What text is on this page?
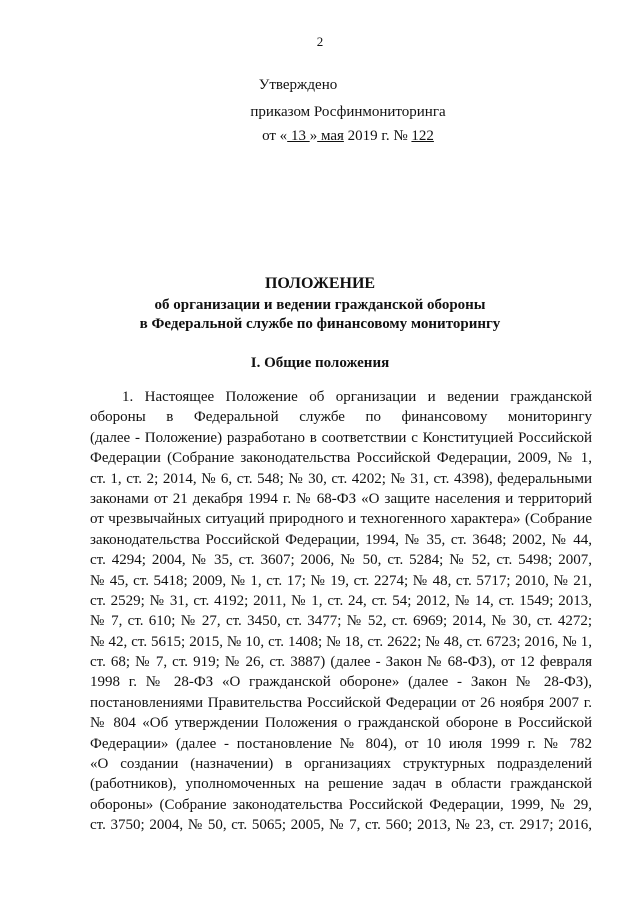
2
Утверждено
приказом Росфинмониторинга
от « 13 » мая 2019 г. № 122
ПОЛОЖЕНИЕ
об организации и ведении гражданской обороны
в Федеральной службе по финансовому мониторингу
I. Общие положения
1. Настоящее Положение об организации и ведении гражданской
обороны в Федеральной службе по финансовому мониторингу
(далее - Положение) разработано в соответствии с Конституцией Российской
Федерации (Собрание законодательства Российской Федерации, 2009, № 1,
ст. 1, ст. 2; 2014, № 6, ст. 548; № 30, ст. 4202; № 31, ст. 4398), федеральными
законами от 21 декабря 1994 г. № 68-ФЗ «О защите населения и территорий
от чрезвычайных ситуаций природного и техногенного характера» (Собрание
законодательства Российской Федерации, 1994, № 35, ст. 3648; 2002, № 44,
ст. 4294; 2004, № 35, ст. 3607; 2006, № 50, ст. 5284; № 52, ст. 5498; 2007,
№ 45, ст. 5418; 2009, № 1, ст. 17; № 19, ст. 2274; № 48, ст. 5717; 2010, № 21,
ст. 2529; № 31, ст. 4192; 2011, № 1, ст. 24, ст. 54; 2012, № 14, ст. 1549; 2013,
№ 7, ст. 610; № 27, ст. 3450, ст. 3477; № 52, ст. 6969; 2014, № 30, ст. 4272;
№ 42, ст. 5615; 2015, № 10, ст. 1408; № 18, ст. 2622; № 48, ст. 6723; 2016, № 1,
ст. 68; № 7, ст. 919; № 26, ст. 3887) (далее - Закон № 68-ФЗ), от 12 февраля
1998 г. № 28-ФЗ «О гражданской обороне» (далее - Закон № 28-ФЗ),
постановлениями Правительства Российской Федерации от 26 ноября 2007 г.
№ 804 «Об утверждении Положения о гражданской обороне в Российской
Федерации» (далее - постановление № 804), от 10 июля 1999 г. № 782
«О создании (назначении) в организациях структурных подразделений
(работников), уполномоченных на решение задач в области гражданской
обороны» (Собрание законодательства Российской Федерации, 1999, № 29,
ст. 3750; 2004, № 50, ст. 5065; 2005, № 7, ст. 560; 2013, № 23, ст. 2917; 2016,
